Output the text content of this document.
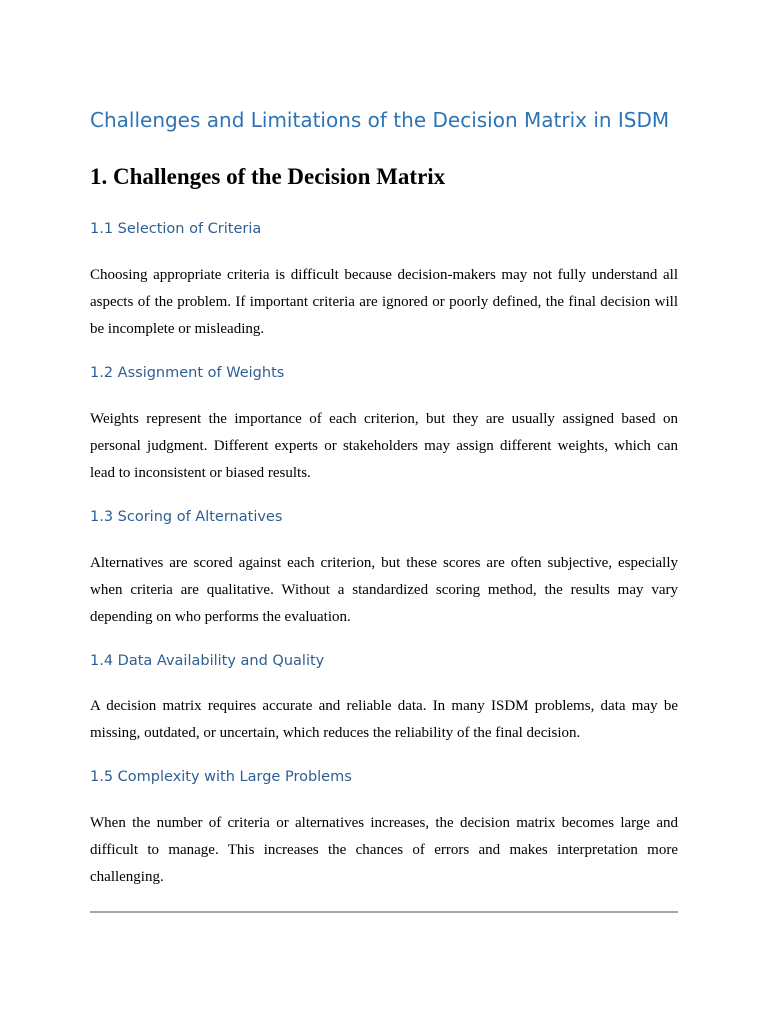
Challenges and Limitations of the Decision Matrix in ISDM
1. Challenges of the Decision Matrix
1.1 Selection of Criteria

Choosing appropriate criteria is difficult because decision-makers may not fully understand all aspects of the problem. If important criteria are ignored or poorly defined, the final decision will be incomplete or misleading.

1.2 Assignment of Weights

Weights represent the importance of each criterion, but they are usually assigned based on personal judgment. Different experts or stakeholders may assign different weights, which can lead to inconsistent or biased results.

1.3 Scoring of Alternatives

Alternatives are scored against each criterion, but these scores are often subjective, especially when criteria are qualitative. Without a standardized scoring method, the results may vary depending on who performs the evaluation.

1.4 Data Availability and Quality

A decision matrix requires accurate and reliable data. In many ISDM problems, data may be missing, outdated, or uncertain, which reduces the reliability of the final decision.

1.5 Complexity with Large Problems

When the number of criteria or alternatives increases, the decision matrix becomes large and difficult to manage. This increases the chances of errors and makes interpretation more challenging.
